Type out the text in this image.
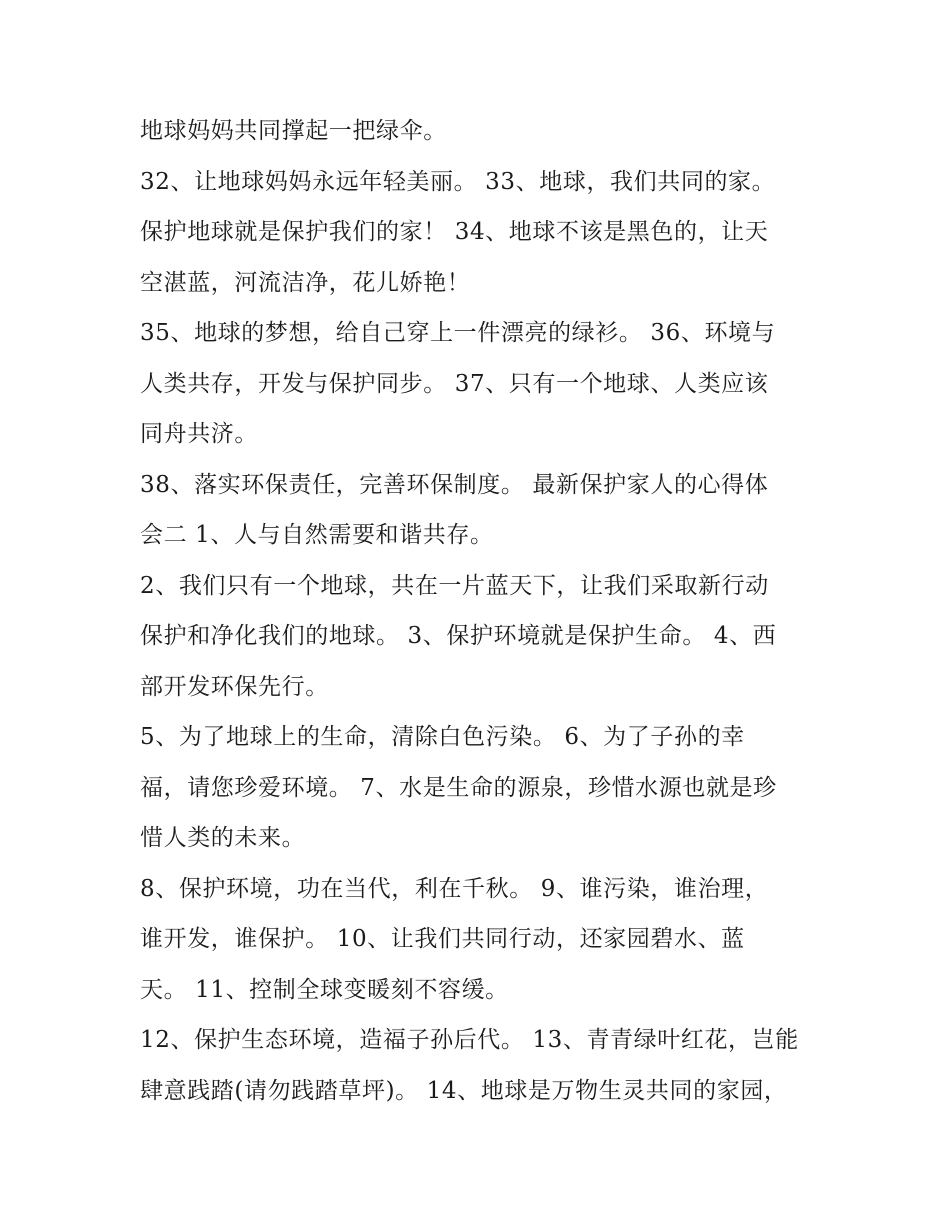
地球妈妈共同撑起一把绿伞。
32、让地球妈妈永远年轻美丽。 33、地球，我们共同的家。
保护地球就是保护我们的家！ 34、地球不该是黑色的，让天
空湛蓝，河流洁净，花儿娇艳！
35、地球的梦想，给自己穿上一件漂亮的绿衫。 36、环境与
人类共存，开发与保护同步。 37、只有一个地球、人类应该
同舟共济。
38、落实环保责任，完善环保制度。 最新保护家人的心得体
会二 1、人与自然需要和谐共存。
2、我们只有一个地球，共在一片蓝天下，让我们采取新行动
保护和净化我们的地球。 3、保护环境就是保护生命。 4、西
部开发环保先行。
5、为了地球上的生命，清除白色污染。 6、为了子孙的幸
福，请您珍爱环境。 7、水是生命的源泉，珍惜水源也就是珍
惜人类的未来。
8、保护环境，功在当代，利在千秋。 9、谁污染，谁治理，
谁开发，谁保护。 10、让我们共同行动，还家园碧水、蓝
天。 11、控制全球变暖刻不容缓。
12、保护生态环境，造福子孙后代。 13、青青绿叶红花，岂能
肆意践踏(请勿践踏草坪)。 14、地球是万物生灵共同的家园，
